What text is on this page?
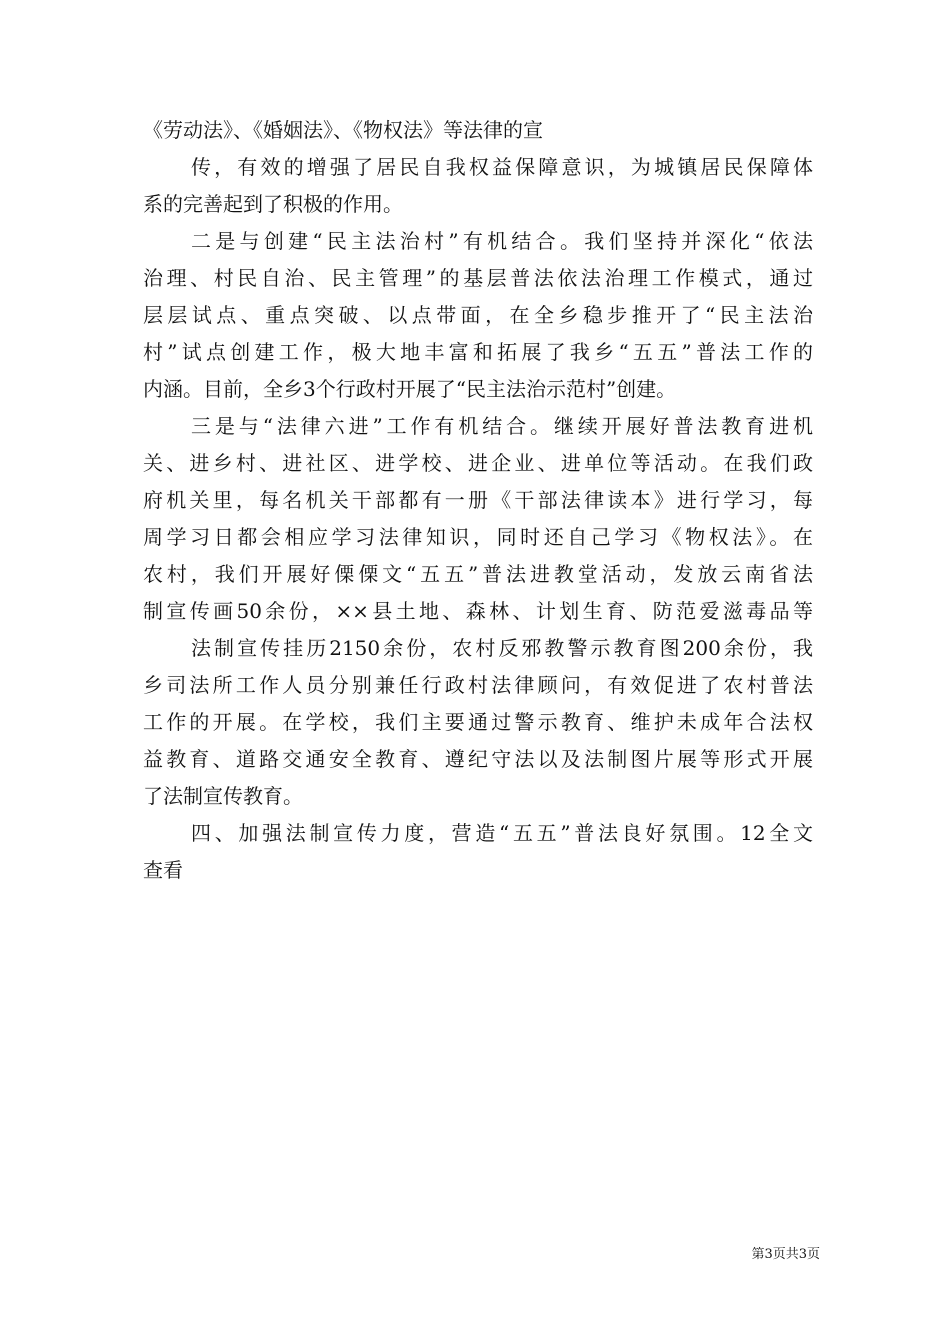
《劳动法》、《婚姻法》、《物权法》等法律的宣
传，有效的增强了居民自我权益保障意识，为城镇居民保障体
系的完善起到了积极的作用。
二是与创建“民主法治村”有机结合。我们坚持并深化“依法
治理、村民自治、民主管理”的基层普法依法治理工作模式，通过
层层试点、重点突破、以点带面，在全乡稳步推开了“民主法治
村”试点创建工作，极大地丰富和拓展了我乡“五五”普法工作的
内涵。目前，全乡3个行政村开展了“民主法治示范村”创建。
三是与“法律六进”工作有机结合。继续开展好普法教育进机
关、进乡村、进社区、进学校、进企业、进单位等活动。在我们政
府机关里，每名机关干部都有一册《干部法律读本》进行学习，每
周学习日都会相应学习法律知识，同时还自己学习《物权法》。在
农村，我们开展好傈傈文“五五”普法进教堂活动，发放云南省法
制宣传画50余份，××县土地、森林、计划生育、防范爱滋毒品等
法制宣传挂历2150余份，农村反邪教警示教育图200余份，我
乡司法所工作人员分别兼任行政村法律顾问，有效促进了农村普法
工作的开展。在学校，我们主要通过警示教育、维护未成年合法权
益教育、道路交通安全教育、遵纪守法以及法制图片展等形式开展
了法制宣传教育。
四、加强法制宣传力度，营造“五五”普法良好氛围。12全文
查看
第3页共3页
